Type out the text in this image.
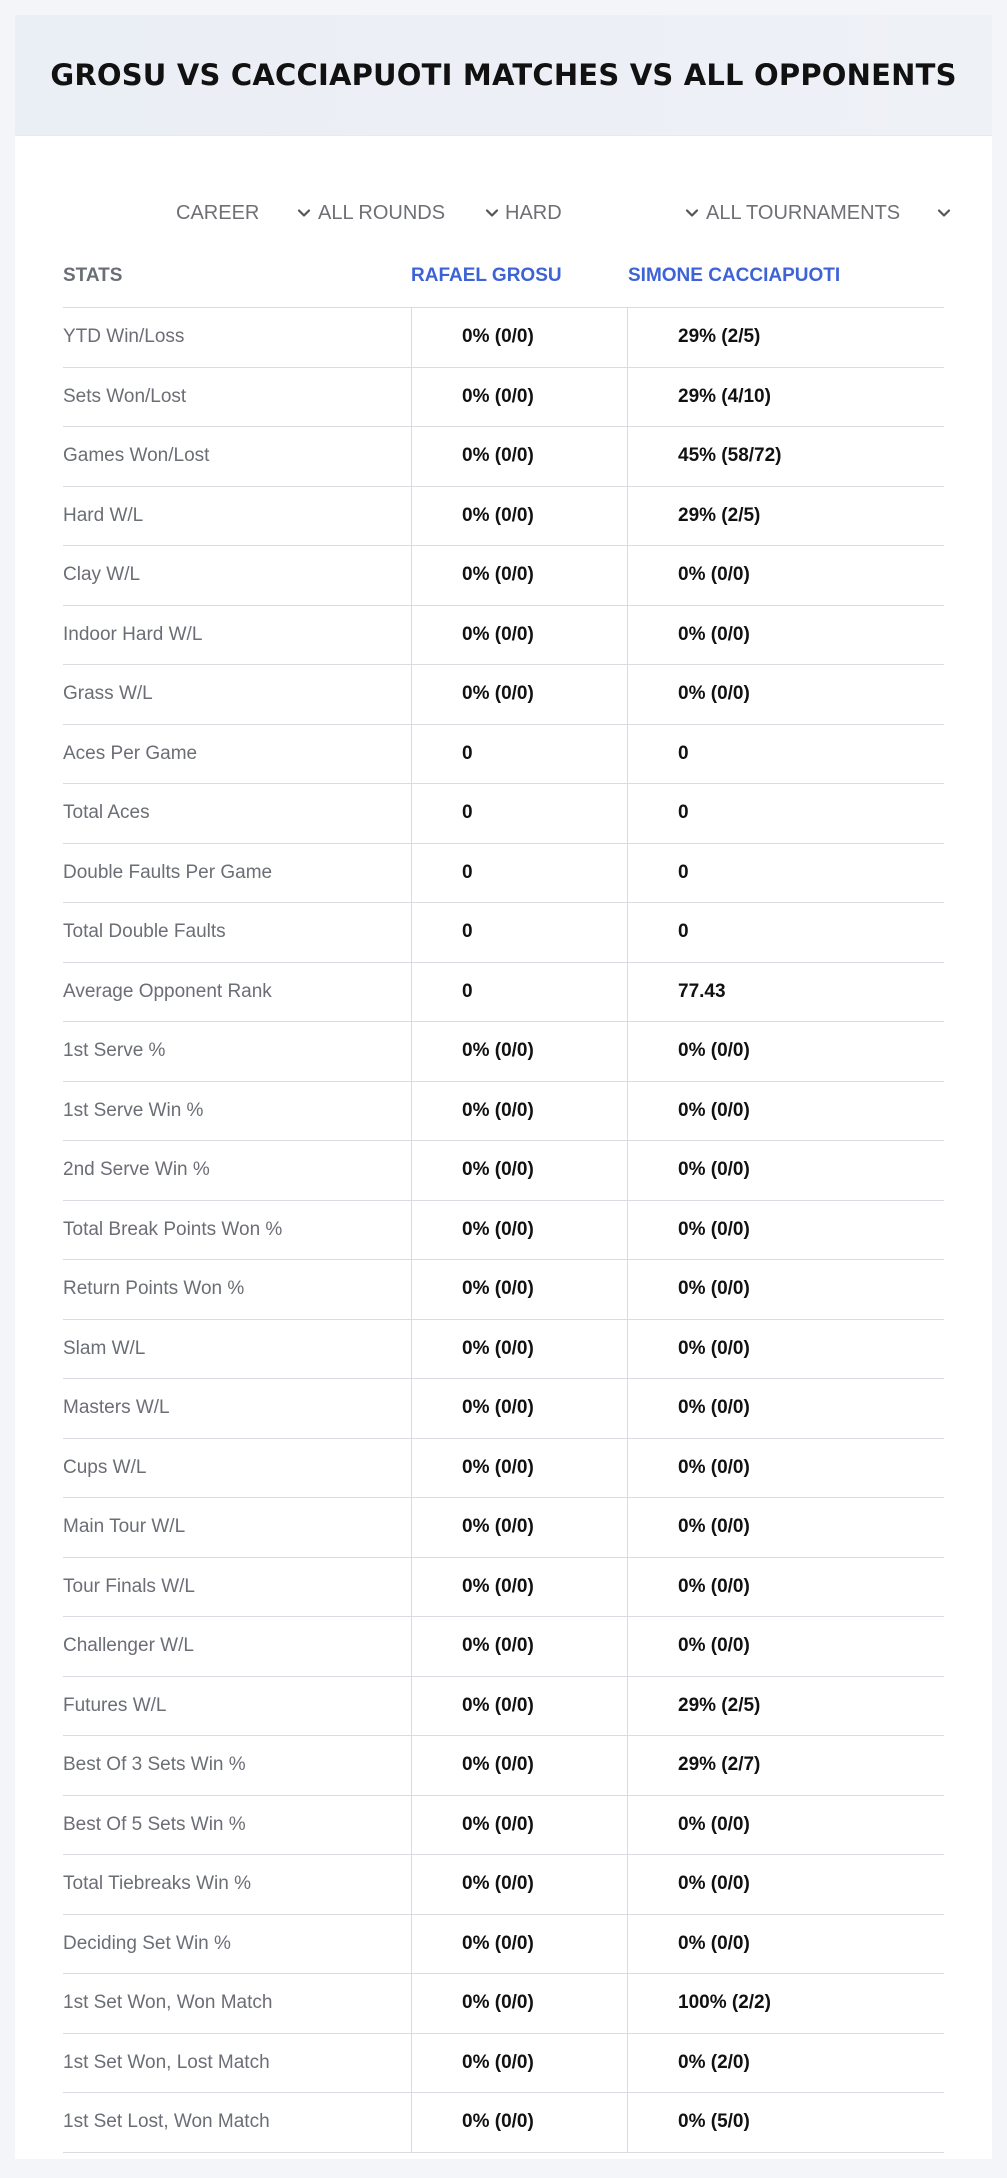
GROSU VS CACCIAPUOTI MATCHES VS ALL OPPONENTS
CAREER	ALL ROUNDS	HARD	ALL TOURNAMENTS
STATS	RAFAEL GROSU	SIMONE CACCIAPUOTI
YTD Win/Loss	0% (0/0)	29% (2/5)
Sets Won/Lost	0% (0/0)	29% (4/10)
Games Won/Lost	0% (0/0)	45% (58/72)
Hard W/L	0% (0/0)	29% (2/5)
Clay W/L	0% (0/0)	0% (0/0)
Indoor Hard W/L	0% (0/0)	0% (0/0)
Grass W/L	0% (0/0)	0% (0/0)
Aces Per Game	0	0
Total Aces	0	0
Double Faults Per Game	0	0
Total Double Faults	0	0
Average Opponent Rank	0	77.43
1st Serve %	0% (0/0)	0% (0/0)
1st Serve Win %	0% (0/0)	0% (0/0)
2nd Serve Win %	0% (0/0)	0% (0/0)
Total Break Points Won %	0% (0/0)	0% (0/0)
Return Points Won %	0% (0/0)	0% (0/0)
Slam W/L	0% (0/0)	0% (0/0)
Masters W/L	0% (0/0)	0% (0/0)
Cups W/L	0% (0/0)	0% (0/0)
Main Tour W/L	0% (0/0)	0% (0/0)
Tour Finals W/L	0% (0/0)	0% (0/0)
Challenger W/L	0% (0/0)	0% (0/0)
Futures W/L	0% (0/0)	29% (2/5)
Best Of 3 Sets Win %	0% (0/0)	29% (2/7)
Best Of 5 Sets Win %	0% (0/0)	0% (0/0)
Total Tiebreaks Win %	0% (0/0)	0% (0/0)
Deciding Set Win %	0% (0/0)	0% (0/0)
1st Set Won, Won Match	0% (0/0)	100% (2/2)
1st Set Won, Lost Match	0% (0/0)	0% (2/0)
1st Set Lost, Won Match	0% (0/0)	0% (5/0)
